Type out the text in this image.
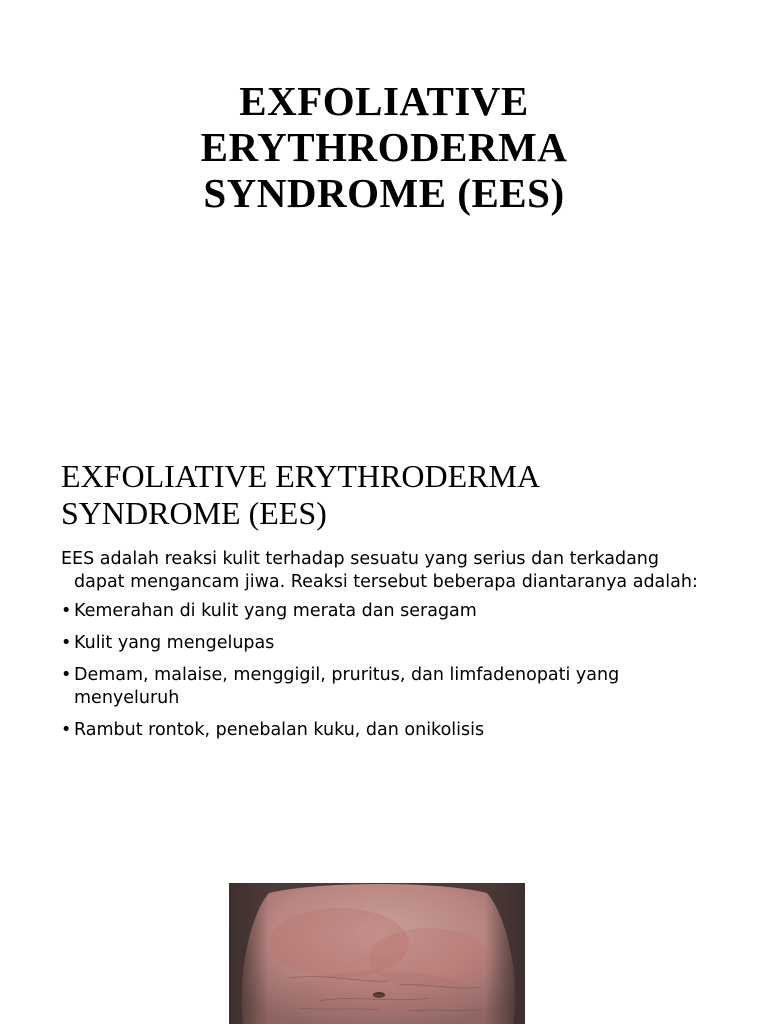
EXFOLIATIVE
ERYTHRODERMA
SYNDROME (EES)
EXFOLIATIVE ERYTHRODERMA
SYNDROME (EES)

EES adalah reaksi kulit terhadap sesuatu yang serius dan terkadang
dapat mengancam jiwa. Reaksi tersebut beberapa diantaranya adalah:

• Kemerahan di kulit yang merata dan seragam
• Kulit yang mengelupas
• Demam, malaise, menggigil, pruritus, dan limfadenopati yang
menyeluruh
• Rambut rontok, penebalan kuku, dan onikolisis
